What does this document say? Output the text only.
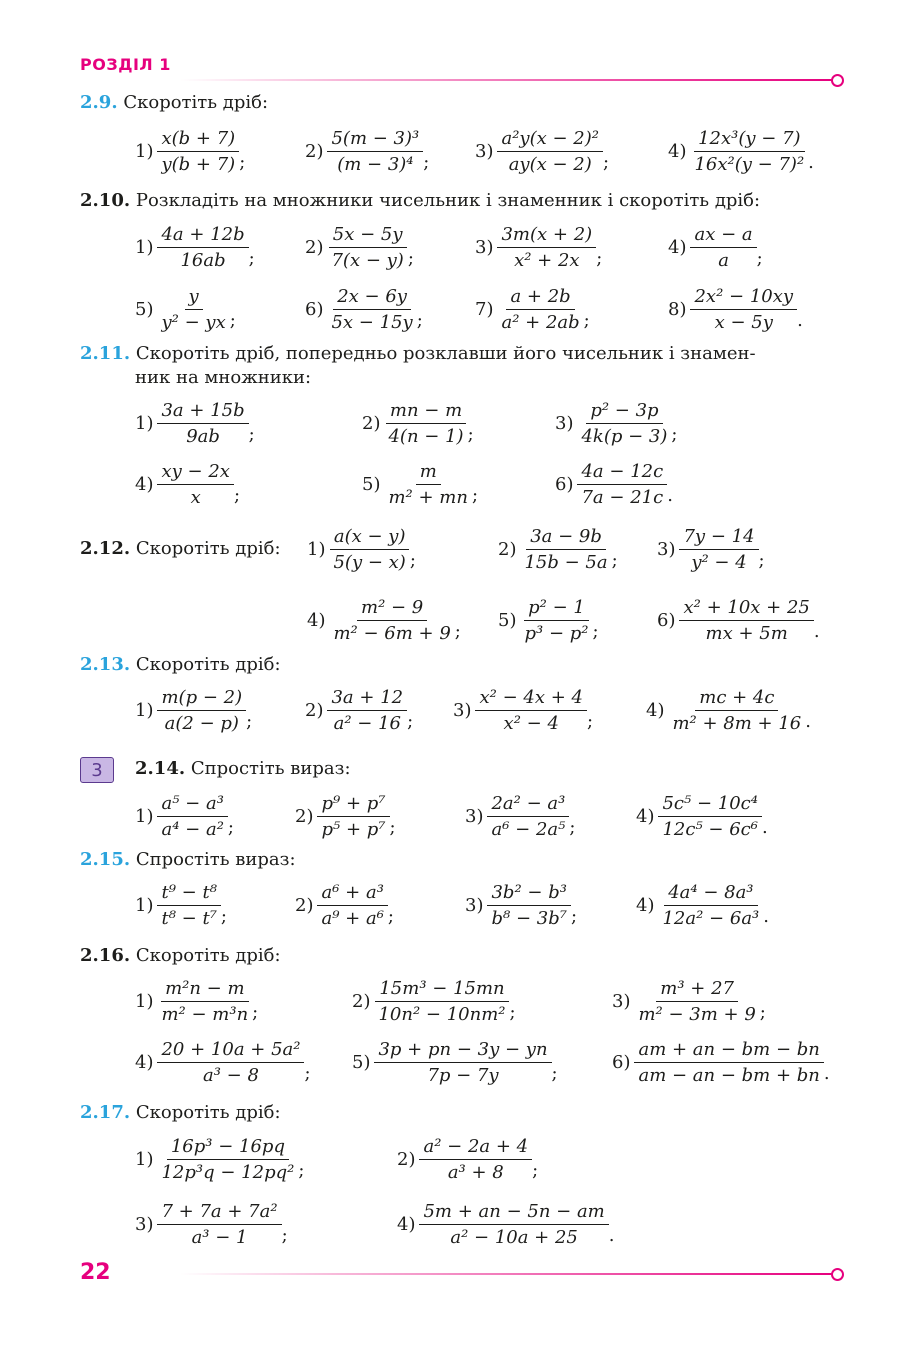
РОЗДІЛ 1
3
2.9. Скоротіть дріб:
$1) \frac{x(b + 7)}{y(b + 7)}$ ;
$2) \frac{\text{5(m − 3)³}}{\text{(m − 3)⁴}}$ ;
$3) \frac{\text{a²y(x − 2)²}}{ay(x - 2)}$ ;
$4) \frac{\text{12x³(y − 7)}}{\text{16x²(y − 7)²}}$ .
2.10. Розкладіть на множники чисельник і знаменник і скоротіть дріб:
$1) \frac{4a + 12b}{16ab}$ ;
$2) \frac{5x - 5y}{7(x - y)}$ ;
$3) \frac{3m(x + 2)}{\text{x² + 2x}}$ ;
$4) \frac{ax - a}{a}$ ;
$5) \frac{y}{\text{y² − yx}}$ ;
$6) \frac{2x - 6y}{5x - 15y}$ ;
$7) \frac{a + 2b}{\text{a² + 2ab}}$ ;
$8) \frac{\text{2x² − 10xy}}{x - 5y}$ .
2.11. Скоротіть дріб, попередньо розклавши його чисельник і знамен-
ник на множники:
$1) \frac{3a + 15b}{9ab}$ ;
$2) \frac{mn - m}{4(n - 1)}$ ;
$3) \frac{\text{p² − 3p}}{4k(p - 3)}$ ;
$4) \frac{xy - 2x}{x}$ ;
$5) \frac{m}{\text{m² + mn}}$ ;
$6) \frac{4a - 12c}{7a - 21c}$ .
2.12. Скоротіть дріб: $1) \frac{a(x - y)}{5(y - x)}$ ;
$2) \frac{3a - 9b}{15b - 5a}$ ;
$3) \frac{7y - 14}{\text{y² − 4}}$ ;
$4) \frac{\text{m² − 9}}{\text{m² − 6m + 9}}$ ;
$5) \frac{\text{p² − 1}}{\text{p³ − p²}}$ ;
$6) \frac{\text{x² + 10x + 25}}{mx + 5m}$ .
2.13. Скоротіть дріб:
$1) \frac{m(p - 2)}{a(2 - p)}$ ;
$2) \frac{3a + 12}{\text{a² − 16}}$ ;
$3) \frac{\text{x² − 4x + 4}}{\text{x² − 4}}$ ;
$4) \frac{mc + 4c}{\text{m² + 8m + 16}}$ .
2.14. Спростіть вираз:
$1) \frac{\text{a⁵ − a³}}{\text{a⁴ − a²}}$ ;
$2) \frac{\text{p⁹ + p⁷}}{\text{p⁵ + p⁷}}$ ;
$3) \frac{\text{2a² − a³}}{\text{a⁶ − 2a⁵}}$ ;
$4) \frac{\text{5c⁵ − 10c⁴}}{\text{12c⁵ − 6c⁶}}$ .
2.15. Спростіть вираз:
$1) \frac{\text{t⁹ − t⁸}}{\text{t⁸ − t⁷}}$ ;
$2) \frac{\text{a⁶ + a³}}{\text{a⁹ + a⁶}}$ ;
$3) \frac{\text{3b² − b³}}{\text{b⁸ − 3b⁷}}$ ;
$4) \frac{\text{4a⁴ − 8a³}}{\text{12a² − 6a³}}$ .
2.16. Скоротіть дріб:
$1) \frac{\text{m²n − m}}{\text{m² − m³n}}$ ;
$2) \frac{\text{15m³ − 15mn}}{\text{10n² − 10nm²}}$ ;
$3) \frac{\text{m³ + 27}}{\text{m² − 3m + 9}}$ ;
$4) \frac{\text{20 + 10a + 5a²}}{\text{a³ − 8}}$ ;
$5) \frac{3p + pn - 3y - yn}{7p - 7y}$ ;
$6) \frac{am + an - bm - bn}{am - an - bm + bn}$ .
2.17. Скоротіть дріб:
$1) \frac{\text{16p³ − 16pq}}{\text{12p³q − 12pq²}}$ ;
$2) \frac{\text{a² − 2a + 4}}{\text{a³ + 8}}$ ;
$3) \frac{\text{7 + 7a + 7a²}}{\text{a³ − 1}}$ ;
$4) \frac{5m + an - 5n - am}{\text{a² − 10a + 25}}$ .
22
